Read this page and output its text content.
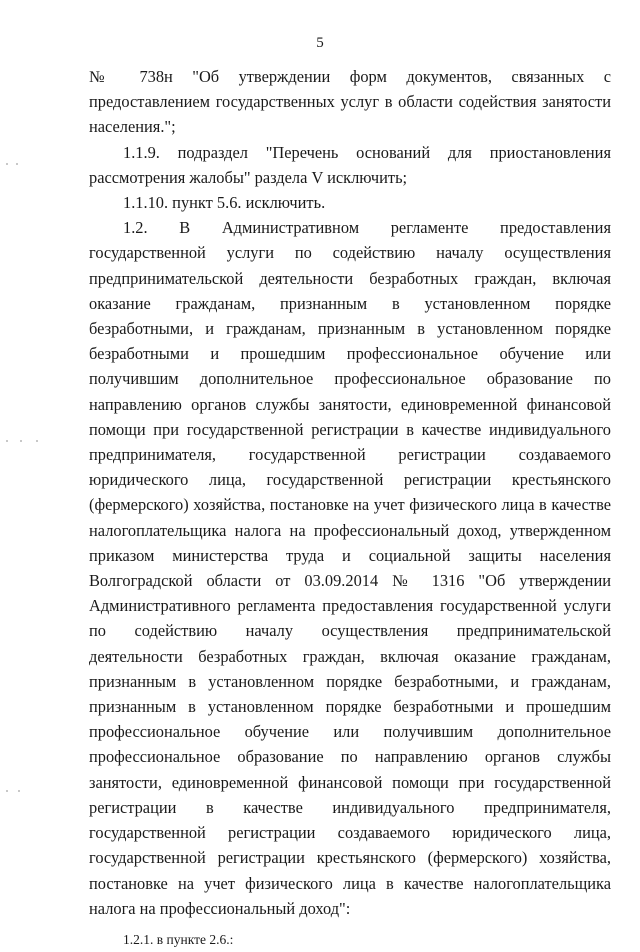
5

№ 738н "Об утверждении форм документов, связанных с предоставлением государственных услуг в области содействия занятости населения.";

1.1.9. подраздел "Перечень оснований для приостановления рассмотрения жалобы" раздела V исключить;

1.1.10. пункт 5.6. исключить.

1.2. В Административном регламенте предоставления государственной услуги по содействию началу осуществления предпринимательской деятельности безработных граждан, включая оказание гражданам, признанным в установленном порядке безработными, и гражданам, признанным в установленном порядке безработными и прошедшим профессиональное обучение или получившим дополнительное профессиональное образование по направлению органов службы занятости, единовременной финансовой помощи при государственной регистрации в качестве индивидуального предпринимателя, государственной регистрации создаваемого юридического лица, государственной регистрации крестьянского (фермерского) хозяйства, постановке на учет физического лица в качестве налогоплательщика налога на профессиональный доход, утвержденном приказом министерства труда и социальной защиты населения Волгоградской области от 03.09.2014 № 1316 "Об утверждении Административного регламента предоставления государственной услуги по содействию началу осуществления предпринимательской деятельности безработных граждан, включая оказание гражданам, признанным в установленном порядке безработными, и гражданам, признанным в установленном порядке безработными и прошедшим профессиональное обучение или получившим дополнительное профессиональное образование по направлению органов службы занятости, единовременной финансовой помощи при государственной регистрации в качестве индивидуального предпринимателя, государственной регистрации создаваемого юридического лица, государственной регистрации крестьянского (фермерского) хозяйства, постановке на учет физического лица в качестве налогоплательщика налога на профессиональный доход":

1.2.1. в пункте 2.6.:
